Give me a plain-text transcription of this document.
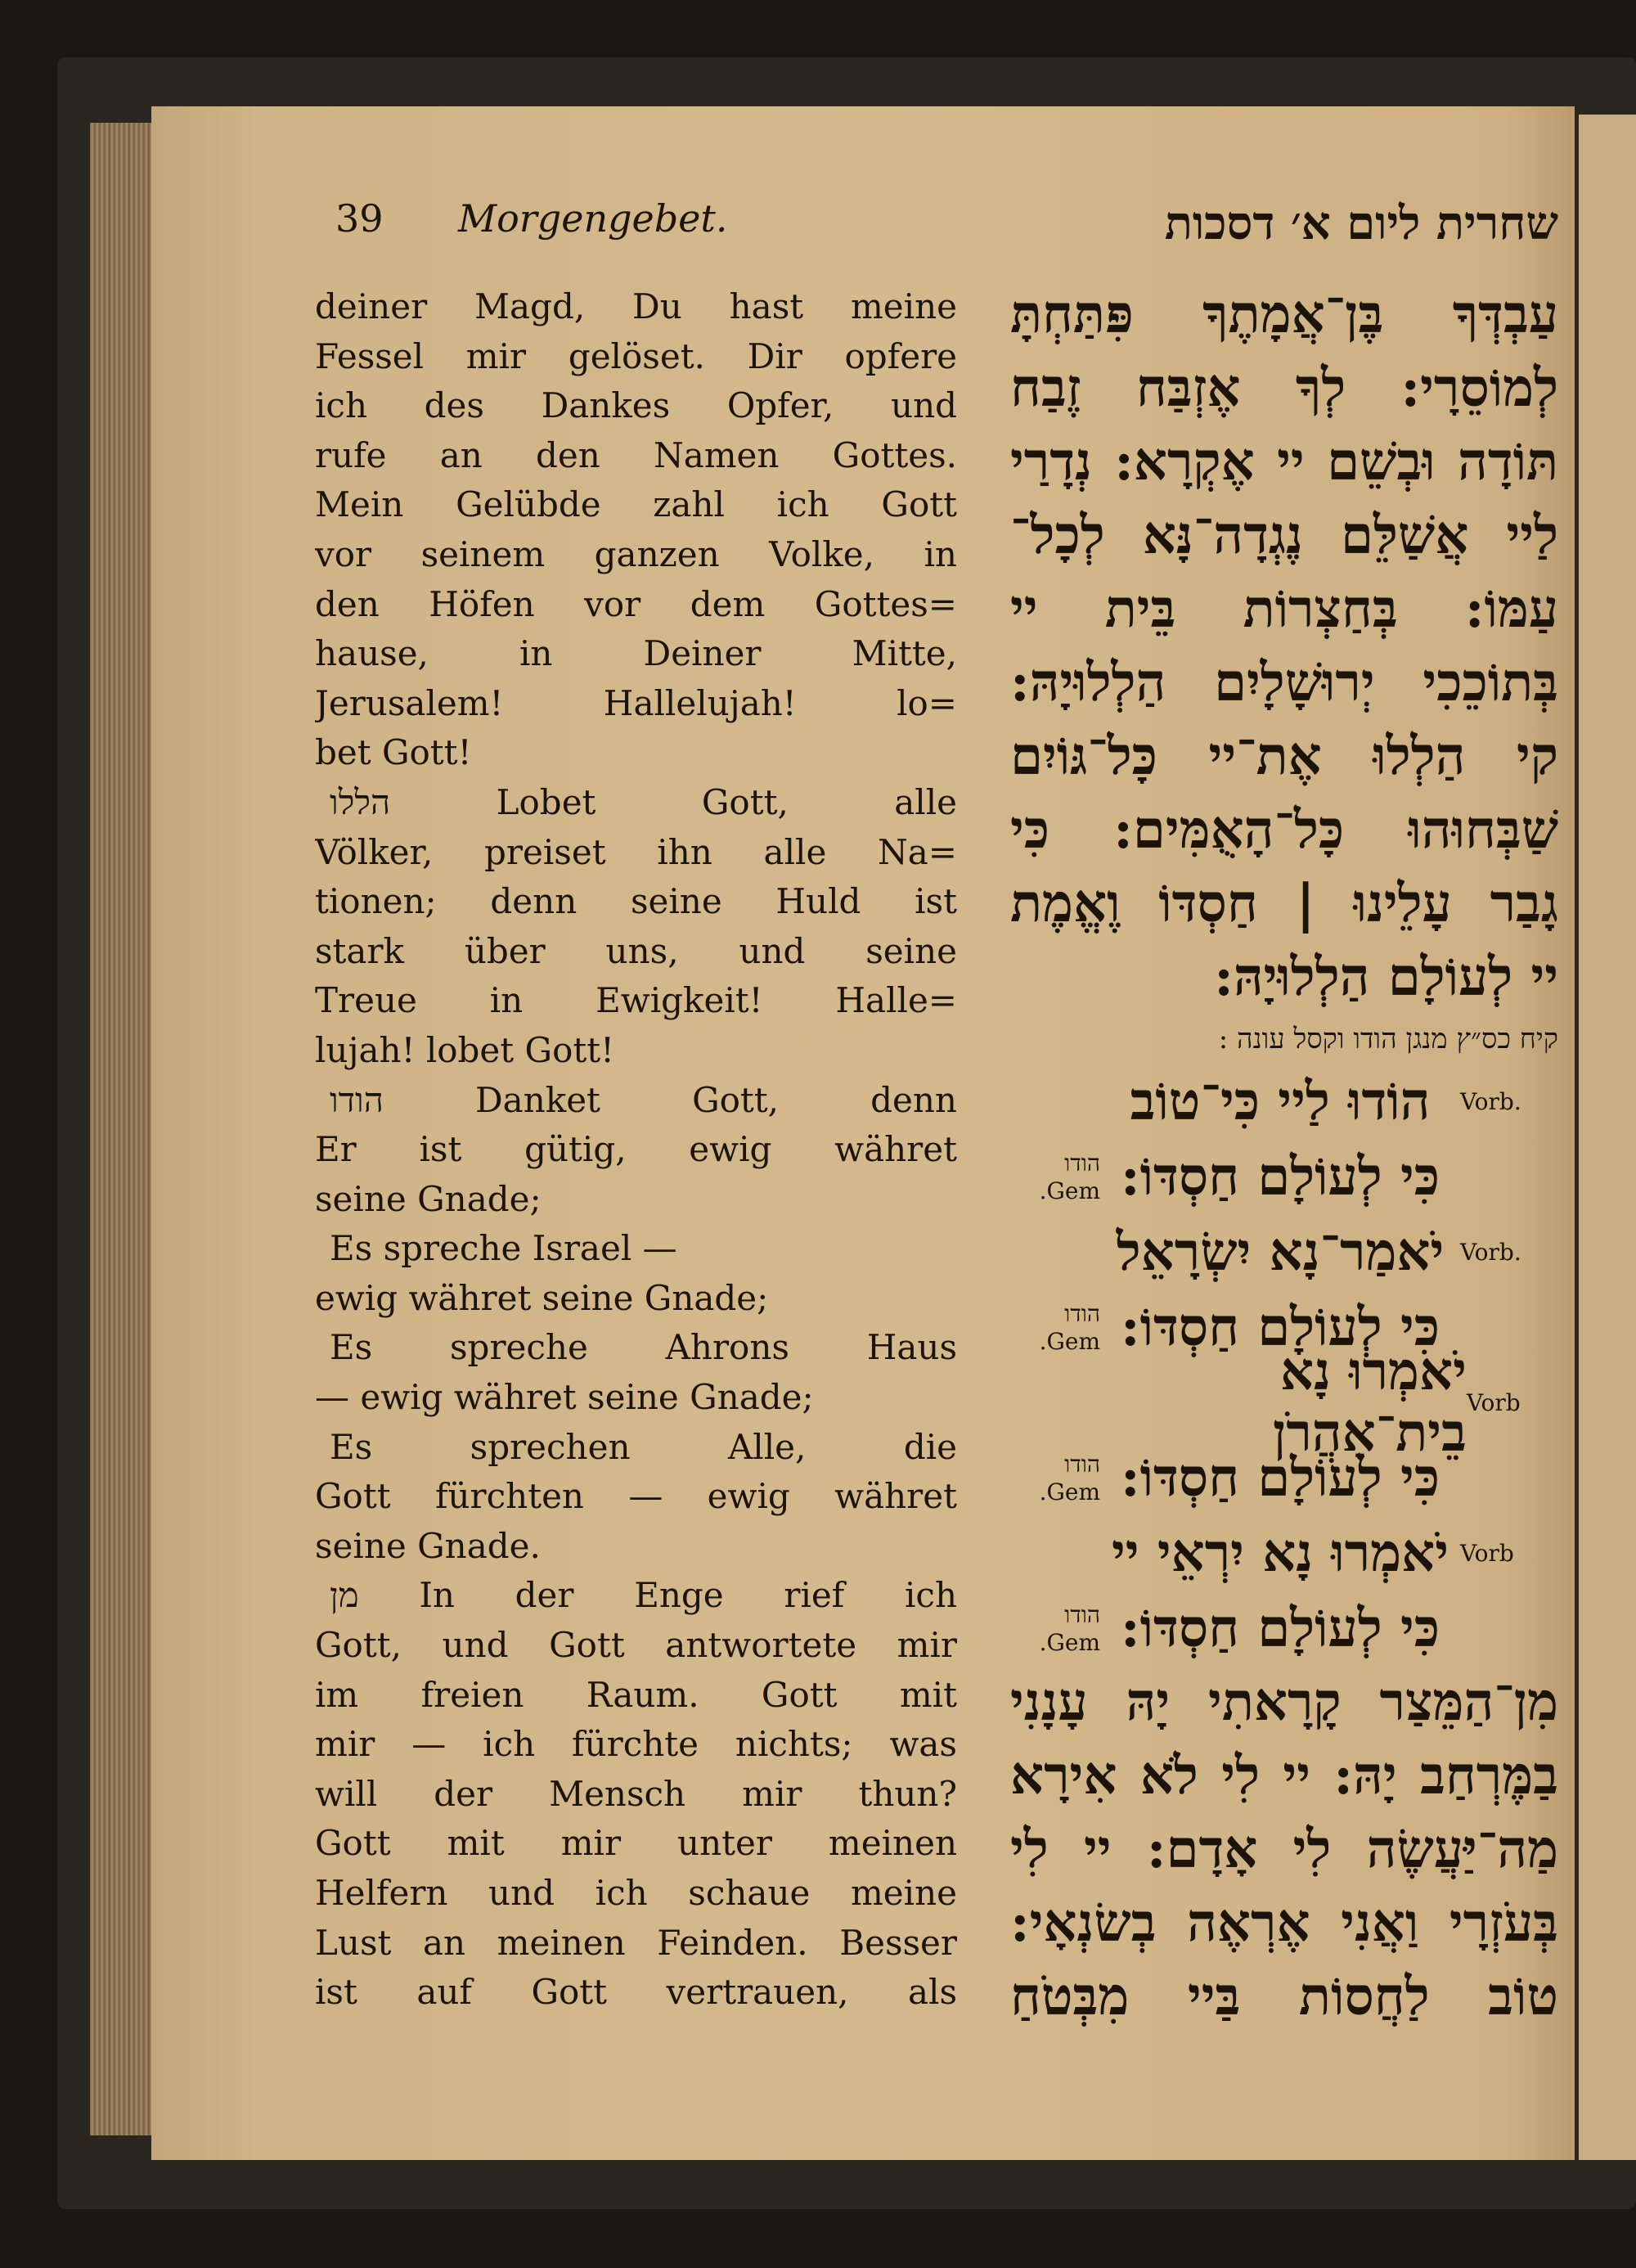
39 Morgengebet.	שחרית ליום א׳ דסכות
deiner Magd, Du hast meine
Fessel mir gelöset. Dir opfere
ich des Dankes Opfer, und
rufe an den Namen Gottes.
Mein Gelübde zahl ich Gott
vor seinem ganzen Volke, in
den Höfen vor dem Gottes=
hause, in Deiner Mitte,
Jerusalem! Hallelujah! lo=
bet Gott!
הללו Lobet Gott, alle
Völker, preiset ihn alle Na=
tionen; denn seine Huld ist
stark über uns, und seine
Treue in Ewigkeit! Halle=
lujah! lobet Gott!
הודו Danket Gott, denn
Er ist gütig, ewig währet
seine Gnade;
Es spreche Israel —
ewig währet seine Gnade;
Es spreche Ahrons Haus
— ewig währet seine Gnade;
Es sprechen Alle, die
Gott fürchten — ewig währet
seine Gnade.
מן In der Enge rief ich
Gott, und Gott antwortete mir
im freien Raum. Gott mit
mir — ich fürchte nichts; was
will der Mensch mir thun?
Gott mit mir unter meinen
Helfern und ich schaue meine
Lust an meinen Feinden. Besser
ist auf Gott vertrauen, als
עַבְדְּךָ בֶּן־אֲמָתֶךָ פִּתַּחְתָּ
לְמוֹסֵרָי: לְךָ אֶזְבַּח זֶבַח
תּוֹדָה וּבְשֵׁם יי אֶקְרָא: נְדָרַי
לַיי אֲשַׁלֵּם נֶגְדָה־נָּא לְכָל־
עַמּוֹ: בְּחַצְרוֹת בֵּית יי
בְּתוֹכֵכִי יְרוּשָׁלָיִם הַלְלוּיָהּ:
קי הַלְלוּ אֶת־יי כָּל־גּוֹיִם
שַׁבְּחוּהוּ כָּל־הָאֻמִּים: כִּי
גָבַר עָלֵינוּ | חַסְדּוֹ וֶאֱמֶת
יי לְעוֹלָם הַלְלוּיָהּ:
קיח כס״ץ מנגן הודו וקסל עונה :
הוֹדוּ לַיי כִּי־טוֹב Vorb.
הודו Gem. כִּי לְעוֹלָם חַסְדּוֹ:
יֹאמַר־נָא יִשְׂרָאֵל Vorb.
הודו Gem. כִּי לְעוֹלָם חַסְדּוֹ:
יֹאמְרוּ נָא בֵית־אַהֲרֹן Vorb
הודו Gem. כִּי לְעוֹלָם חַסְדּוֹ:
יֹאמְרוּ נָא יִרְאֵי יי Vorb
הודו Gem. כִּי לְעוֹלָם חַסְדּוֹ:
מִן־הַמֵּצַר קָרָאתִי יָהּ עָנָנִי
בַמֶּרְחַב יָהּ: יי לִי לֹא אִירָא
מַה־יַּעֲשֶׂה לִי אָדָם: יי לִי
בְּעֹזְרָי וַאֲנִי אֶרְאֶה בְשׂנְאָי:
טוֹב לַחֲסוֹת בַּיי מִבְּטֹחַ
